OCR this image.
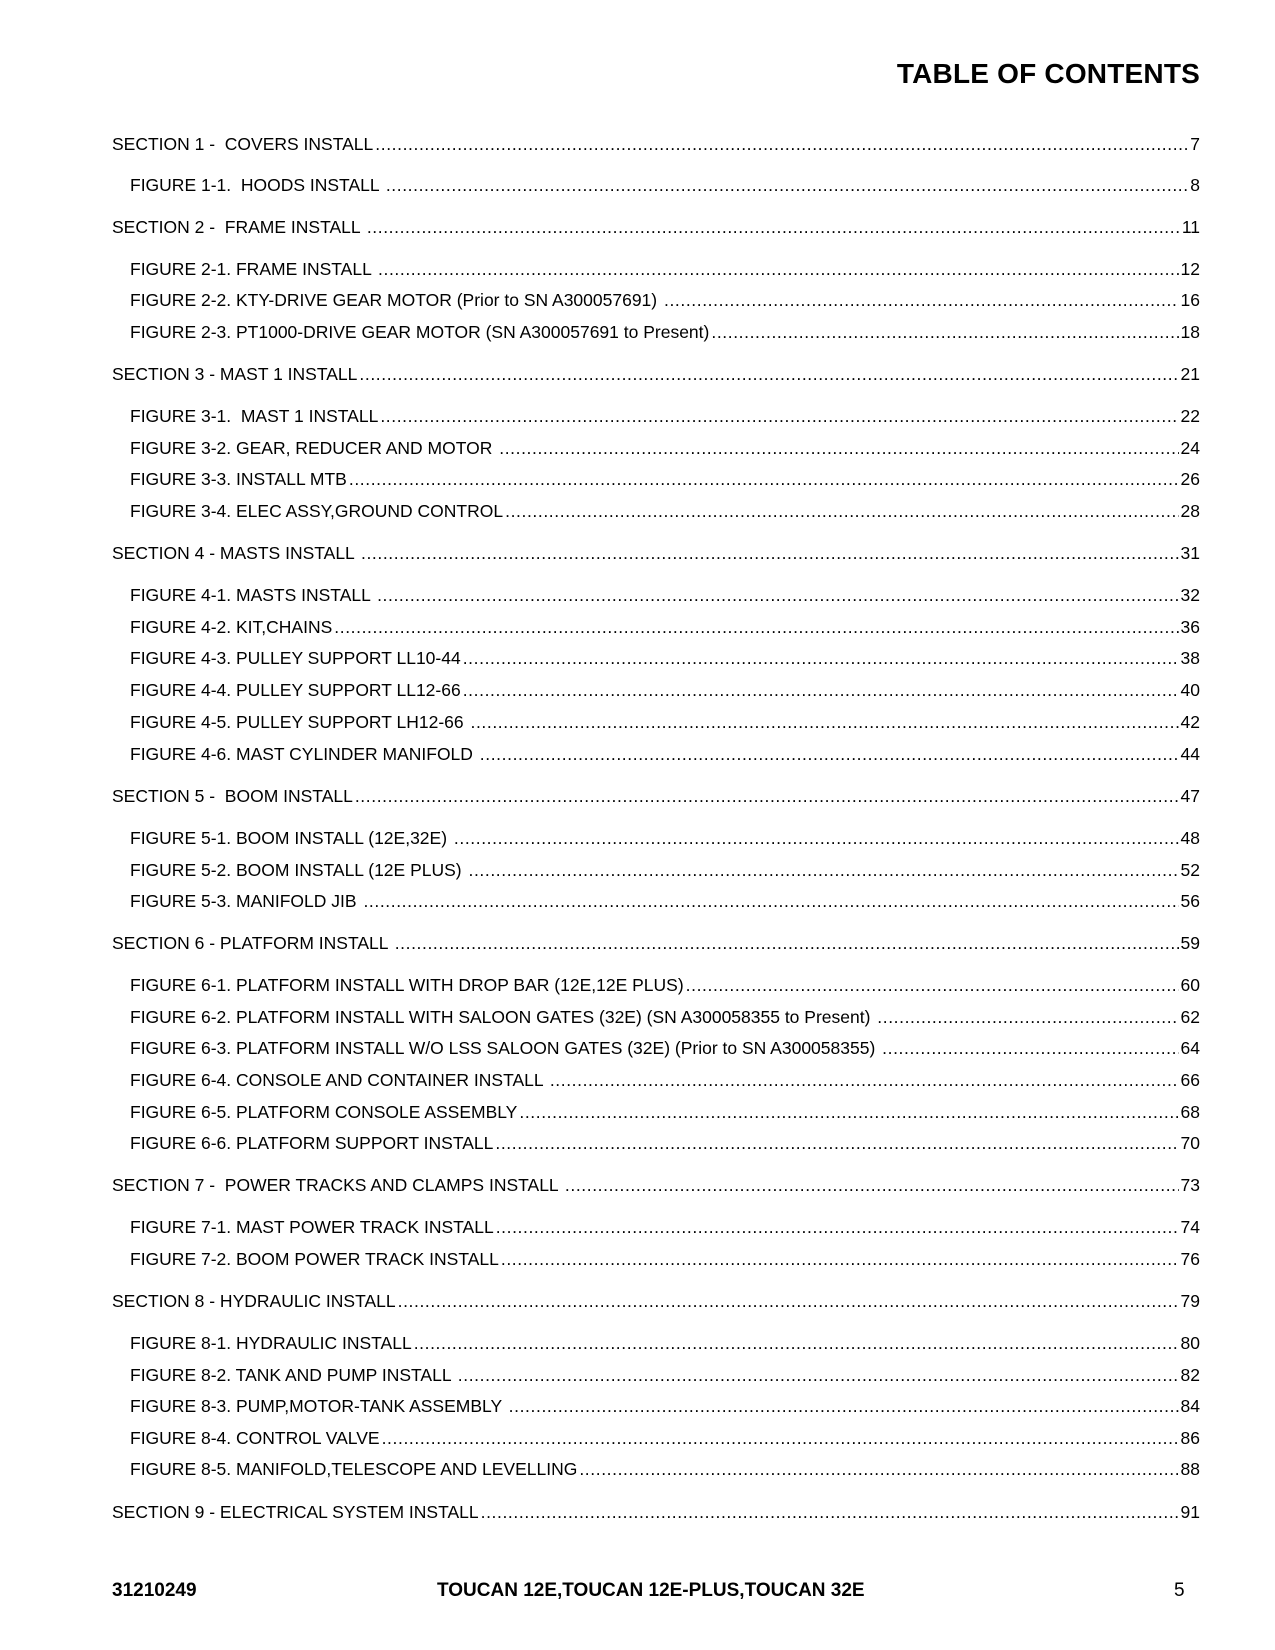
TABLE OF CONTENTS
SECTION 1 -  COVERS INSTALL .....	7
FIGURE 1-1.  HOODS INSTALL .....	8
SECTION 2 -  FRAME INSTALL .....	11
FIGURE 2-1. FRAME INSTALL .....	12
FIGURE 2-2. KTY-DRIVE GEAR MOTOR (Prior to SN A300057691) .....	16
FIGURE 2-3. PT1000-DRIVE GEAR MOTOR (SN A300057691 to Present) .....	18
SECTION 3 - MAST 1 INSTALL .....	21
FIGURE 3-1.  MAST 1 INSTALL .....	22
FIGURE 3-2. GEAR, REDUCER AND MOTOR .....	24
FIGURE 3-3. INSTALL MTB .....	26
FIGURE 3-4. ELEC ASSY,GROUND CONTROL .....	28
SECTION 4 - MASTS INSTALL .....	31
FIGURE 4-1. MASTS INSTALL .....	32
FIGURE 4-2. KIT,CHAINS .....	36
FIGURE 4-3. PULLEY SUPPORT LL10-44 .....	38
FIGURE 4-4. PULLEY SUPPORT LL12-66 .....	40
FIGURE 4-5. PULLEY SUPPORT LH12-66 .....	42
FIGURE 4-6. MAST CYLINDER MANIFOLD .....	44
SECTION 5 -  BOOM INSTALL .....	47
FIGURE 5-1. BOOM INSTALL (12E,32E) .....	48
FIGURE 5-2. BOOM INSTALL (12E PLUS) .....	52
FIGURE 5-3. MANIFOLD JIB .....	56
SECTION 6 - PLATFORM INSTALL .....	59
FIGURE 6-1. PLATFORM INSTALL WITH DROP BAR (12E,12E PLUS) .....	60
FIGURE 6-2. PLATFORM INSTALL WITH SALOON GATES (32E) (SN A300058355 to Present) .....	62
FIGURE 6-3. PLATFORM INSTALL W/O LSS SALOON GATES (32E) (Prior to SN A300058355) .....	64
FIGURE 6-4. CONSOLE AND CONTAINER INSTALL .....	66
FIGURE 6-5. PLATFORM CONSOLE ASSEMBLY .....	68
FIGURE 6-6. PLATFORM SUPPORT INSTALL .....	70
SECTION 7 -  POWER TRACKS AND CLAMPS INSTALL .....	73
FIGURE 7-1. MAST POWER TRACK INSTALL .....	74
FIGURE 7-2. BOOM POWER TRACK INSTALL .....	76
SECTION 8 - HYDRAULIC INSTALL .....	79
FIGURE 8-1. HYDRAULIC INSTALL .....	80
FIGURE 8-2. TANK AND PUMP INSTALL .....	82
FIGURE 8-3. PUMP,MOTOR-TANK ASSEMBLY .....	84
FIGURE 8-4. CONTROL VALVE .....	86
FIGURE 8-5. MANIFOLD,TELESCOPE AND LEVELLING .....	88
SECTION 9 - ELECTRICAL SYSTEM INSTALL .....	91
31210249	TOUCAN 12E,TOUCAN 12E-PLUS,TOUCAN 32E	5
